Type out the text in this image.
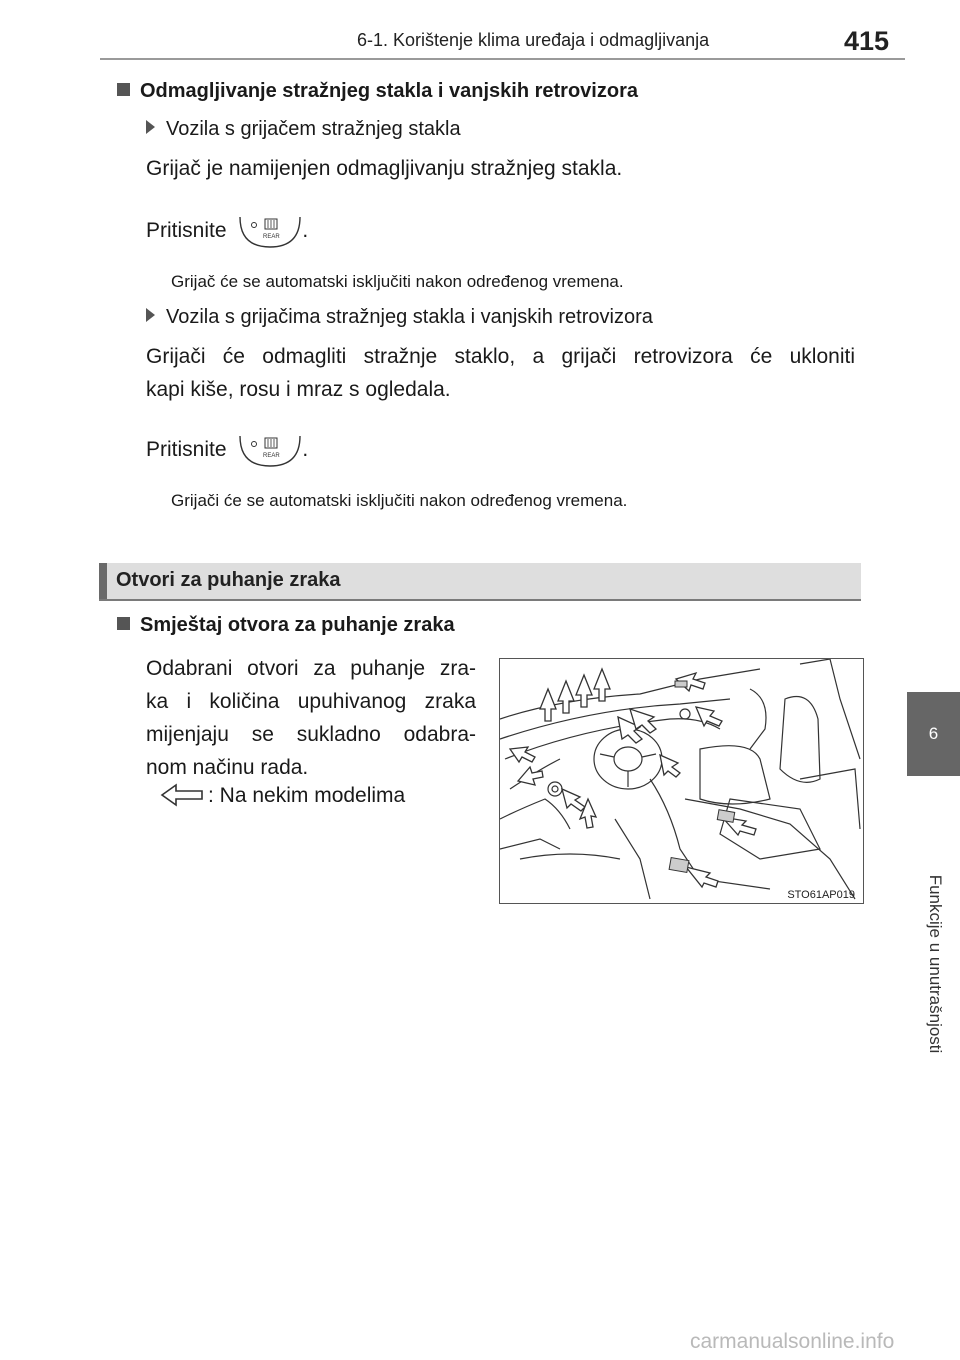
6-1. Korištenje klima uređaja i odmagljivanja	415
6
Funkcije u unutrašnjosti
Odmagljivanje stražnjeg stakla i vanjskih retrovizora
Vozila s grijačem stražnjeg stakla
Grijač je namijenjen odmagljivanju stražnjeg stakla.
Pritisnite	REAR .
Grijač će se automatski isključiti nakon određenog vremena.
Vozila s grijačima stražnjeg stakla i vanjskih retrovizora
Grijači će odmagliti stražnje staklo, a grijači retrovizora će ukloniti
kapi kiše, rosu i mraz s ogledala.
Pritisnite	REAR .
Grijači će se automatski isključiti nakon određenog vremena.
Otvori za puhanje zraka
Smještaj otvora za puhanje zraka
Odabrani otvori za puhanje zra-
ka i količina upuhivanog zraka
mijenjaju se sukladno odabra-
nom načinu rada.
: Na nekim modelima
STO61AP019
carmanualsonline.info
